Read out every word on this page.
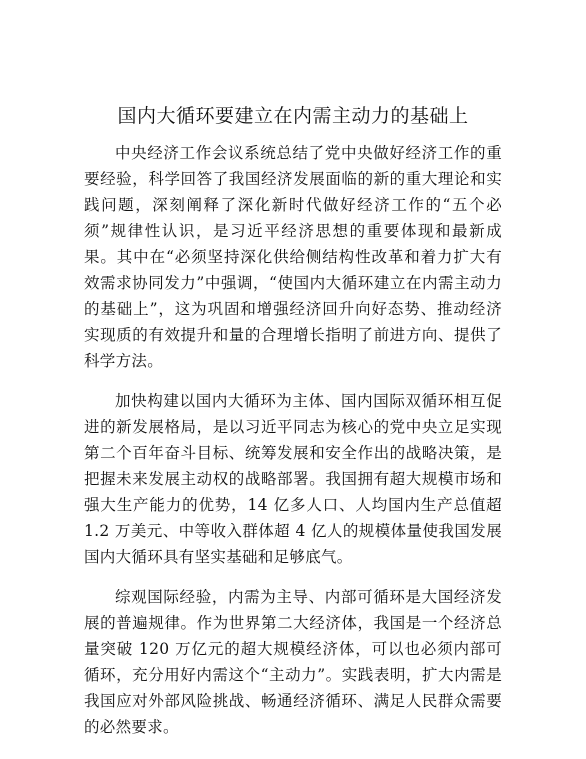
国内大循环要建立在内需主动力的基础上

中央经济工作会议系统总结了党中央做好经济工作的重要经验，科学回答了我国经济发展面临的新的重大理论和实践问题，深刻阐释了深化新时代做好经济工作的“五个必须”规律性认识，是习近平经济思想的重要体现和最新成果。其中在“必须坚持深化供给侧结构性改革和着力扩大有效需求协同发力”中强调，“使国内大循环建立在内需主动力的基础上”，这为巩固和增强经济回升向好态势、推动经济实现质的有效提升和量的合理增长指明了前进方向、提供了科学方法。

加快构建以国内大循环为主体、国内国际双循环相互促进的新发展格局，是以习近平同志为核心的党中央立足实现第二个百年奋斗目标、统筹发展和安全作出的战略决策，是把握未来发展主动权的战略部署。我国拥有超大规模市场和强大生产能力的优势，14 亿多人口、人均国内生产总值超 1.2 万美元、中等收入群体超 4 亿人的规模体量使我国发展国内大循环具有坚实基础和足够底气。

综观国际经验，内需为主导、内部可循环是大国经济发展的普遍规律。作为世界第二大经济体，我国是一个经济总量突破 120 万亿元的超大规模经济体，可以也必须内部可循环，充分用好内需这个“主动力”。实践表明，扩大内需是我国应对外部风险挑战、畅通经济循环、满足人民群众需要的必然要求。
